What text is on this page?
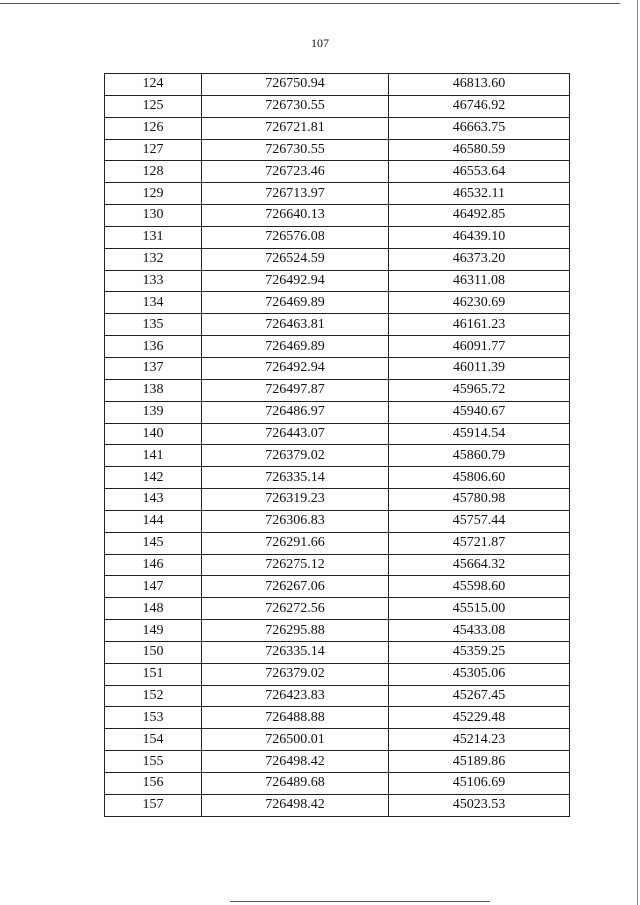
107
124	726750.94	46813.60
125	726730.55	46746.92
126	726721.81	46663.75
127	726730.55	46580.59
128	726723.46	46553.64
129	726713.97	46532.11
130	726640.13	46492.85
131	726576.08	46439.10
132	726524.59	46373.20
133	726492.94	46311.08
134	726469.89	46230.69
135	726463.81	46161.23
136	726469.89	46091.77
137	726492.94	46011.39
138	726497.87	45965.72
139	726486.97	45940.67
140	726443.07	45914.54
141	726379.02	45860.79
142	726335.14	45806.60
143	726319.23	45780.98
144	726306.83	45757.44
145	726291.66	45721.87
146	726275.12	45664.32
147	726267.06	45598.60
148	726272.56	45515.00
149	726295.88	45433.08
150	726335.14	45359.25
151	726379.02	45305.06
152	726423.83	45267.45
153	726488.88	45229.48
154	726500.01	45214.23
155	726498.42	45189.86
156	726489.68	45106.69
157	726498.42	45023.53
